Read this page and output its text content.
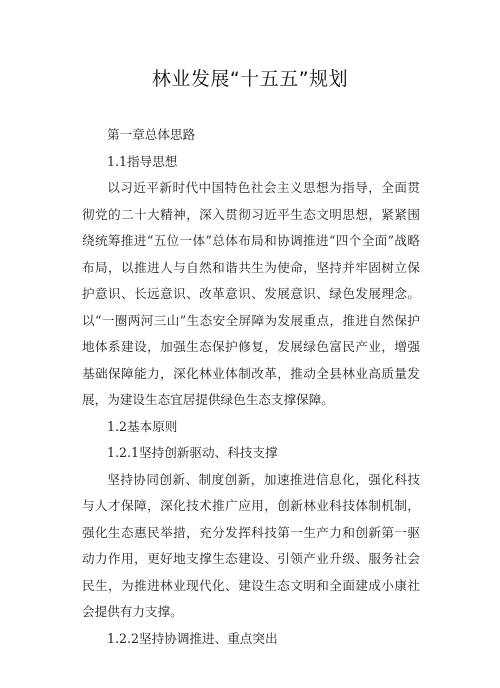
林业发展“十五五”规划

第一章总体思路

1.1指导思想

以习近平新时代中国特色社会主义思想为指导，全面贯彻党的二十大精神，深入贯彻习近平生态文明思想，紧紧围绕统筹推进“五位一体”总体布局和协调推进“四个全面”战略布局，以推进人与自然和谐共生为使命，坚持并牢固树立保护意识、长远意识、改革意识、发展意识、绿色发展理念。以“一圈两河三山”生态安全屏障为发展重点，推进自然保护地体系建设，加强生态保护修复，发展绿色富民产业，增强基础保障能力，深化林业体制改革，推动全县林业高质量发展，为建设生态宜居提供绿色生态支撑保障。

1.2基本原则

1.2.1坚持创新驱动、科技支撑

坚持协同创新、制度创新，加速推进信息化，强化科技与人才保障，深化技术推广应用，创新林业科技体制机制，强化生态惠民举措，充分发挥科技第一生产力和创新第一驱动力作用，更好地支撑生态建设、引领产业升级、服务社会民生，为推进林业现代化、建设生态文明和全面建成小康社会提供有力支撑。

1.2.2坚持协调推进、重点突出
